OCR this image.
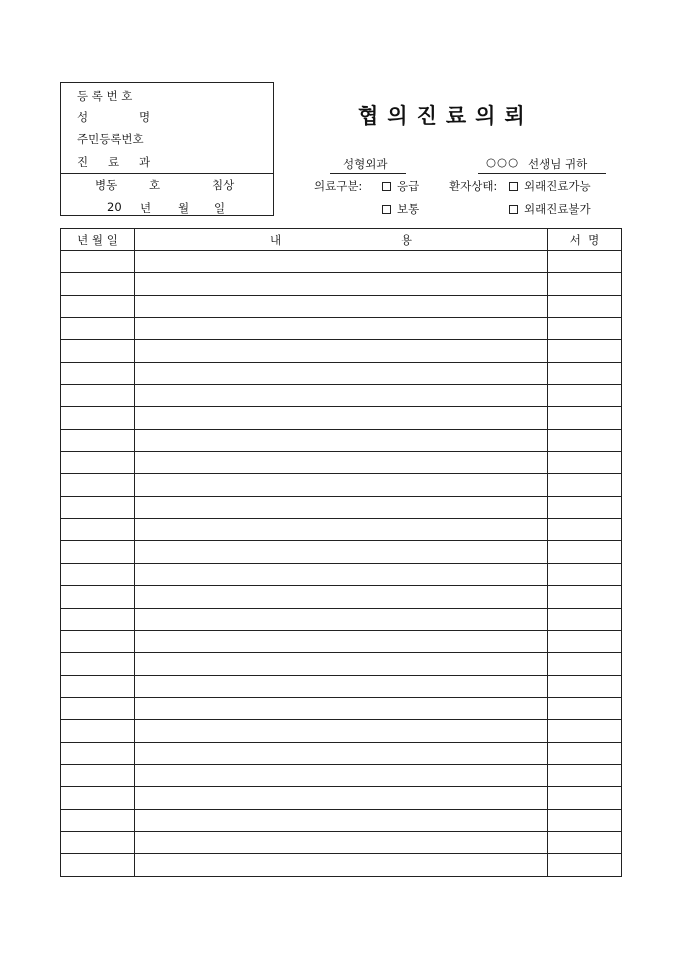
등 록 번 호
성	명
주민등록번호
진 료 과
병동	호	침상
20 년 월 일
협의진료의뢰
성형외과	○○○ 선생님 귀하
의료구분:	응급
보통
환자상태:	외래진료가능
외래진료불가
년 월 일	내 용	서  명
